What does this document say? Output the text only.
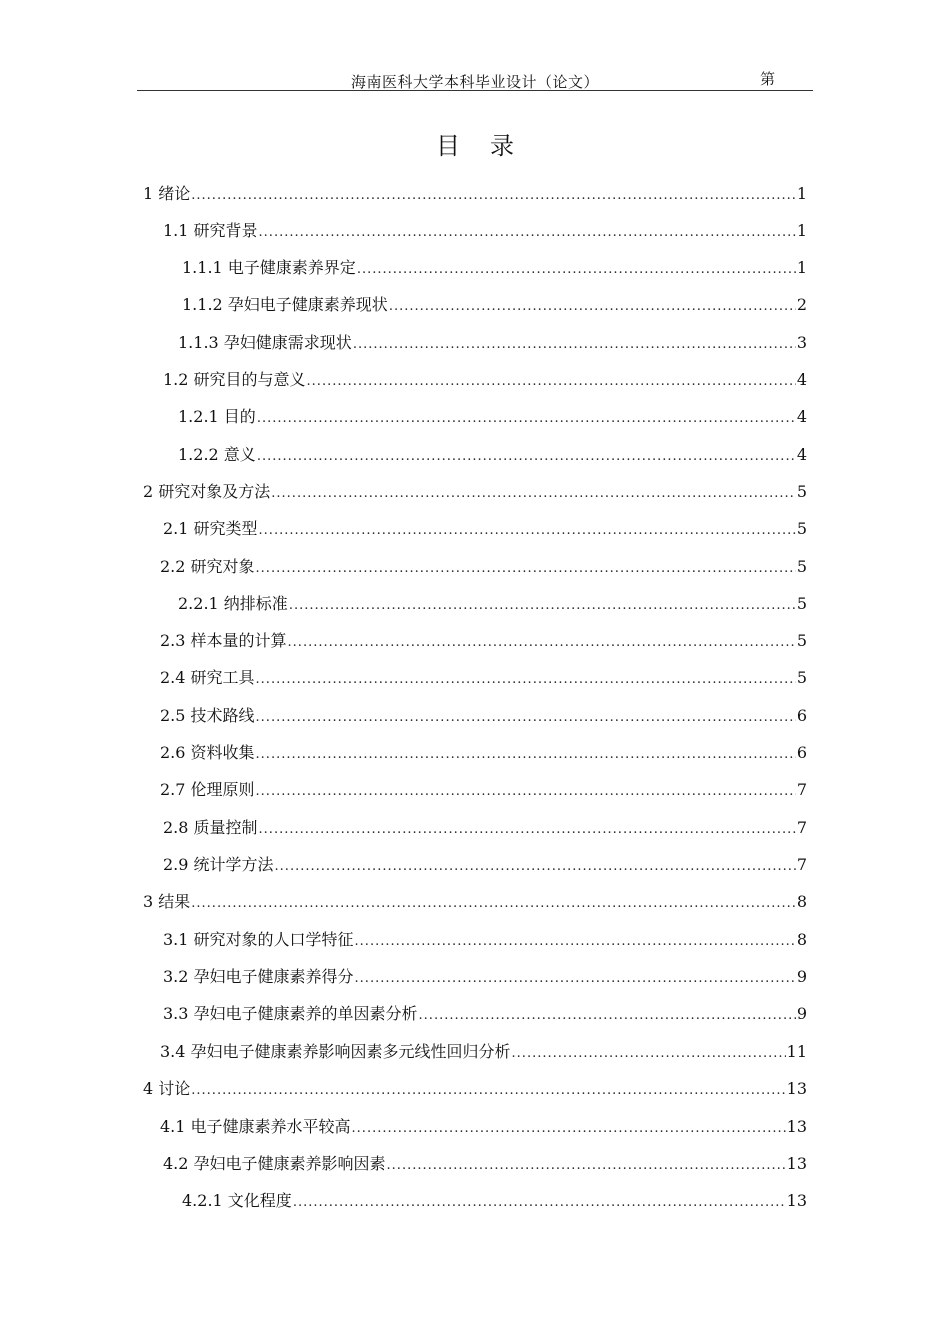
海南医科大学本科毕业设计（论文）	第
目录
1 绪论 .....	1
1.1 研究背景 .....	1
1.1.1 电子健康素养界定 .....	1
1.1.2 孕妇电子健康素养现状 .....	2
1.1.3 孕妇健康需求现状 .....	3
1.2 研究目的与意义 .....	4
1.2.1 目的 .....	4
1.2.2 意义 .....	4
2 研究对象及方法 .....	5
2.1 研究类型 .....	5
2.2 研究对象 .....	5
2.2.1 纳排标准 .....	5
2.3 样本量的计算 .....	5
2.4 研究工具 .....	5
2.5 技术路线 .....	6
2.6 资料收集 .....	6
2.7 伦理原则 .....	7
2.8 质量控制 .....	7
2.9 统计学方法 .....	7
3 结果 .....	8
3.1 研究对象的人口学特征 .....	8
3.2 孕妇电子健康素养得分 .....	9
3.3 孕妇电子健康素养的单因素分析 .....	9
3.4 孕妇电子健康素养影响因素多元线性回归分析 .....	11
4 讨论 .....	13
4.1 电子健康素养水平较高 .....	13
4.2 孕妇电子健康素养影响因素 .....	13
4.2.1 文化程度 .....	13
